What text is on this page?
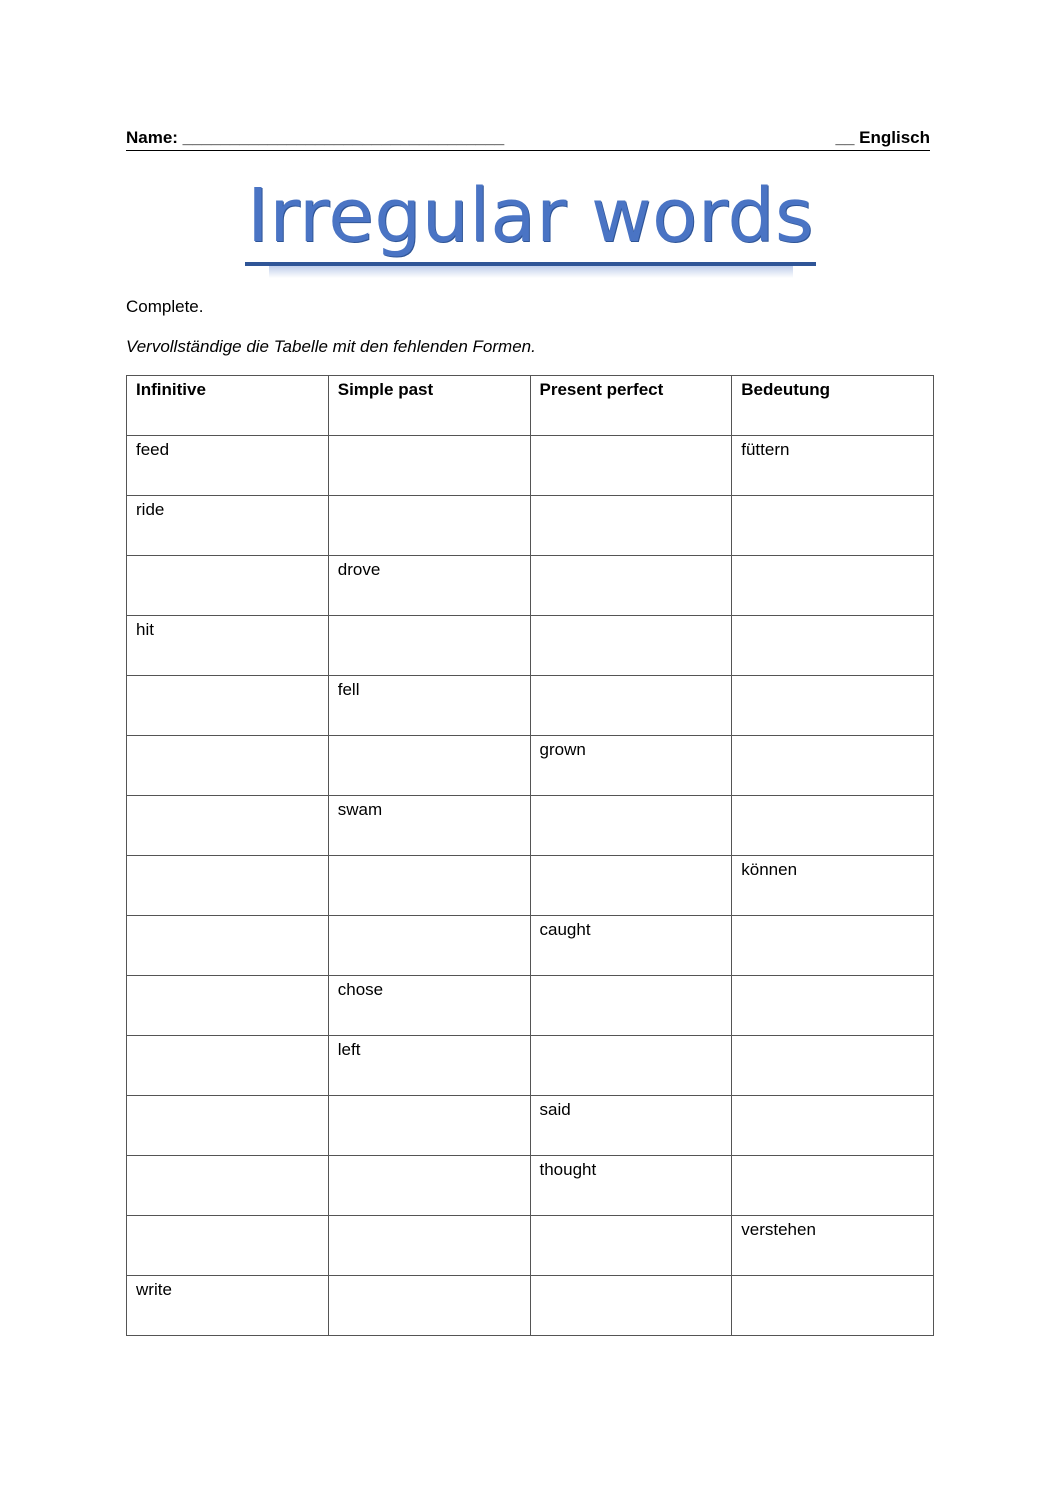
Name: __________________________________	__ Englisch
Irregular words
Complete.
Vervollständige die Tabelle mit den fehlenden Formen.
Infinitive	Simple past	Present perfect	Bedeutung
feed			füttern
ride			
	drove		
hit			
	fell		
		grown	
	swam		
			können
		caught	
	chose		
	left		
		said	
		thought	
			verstehen
write			
